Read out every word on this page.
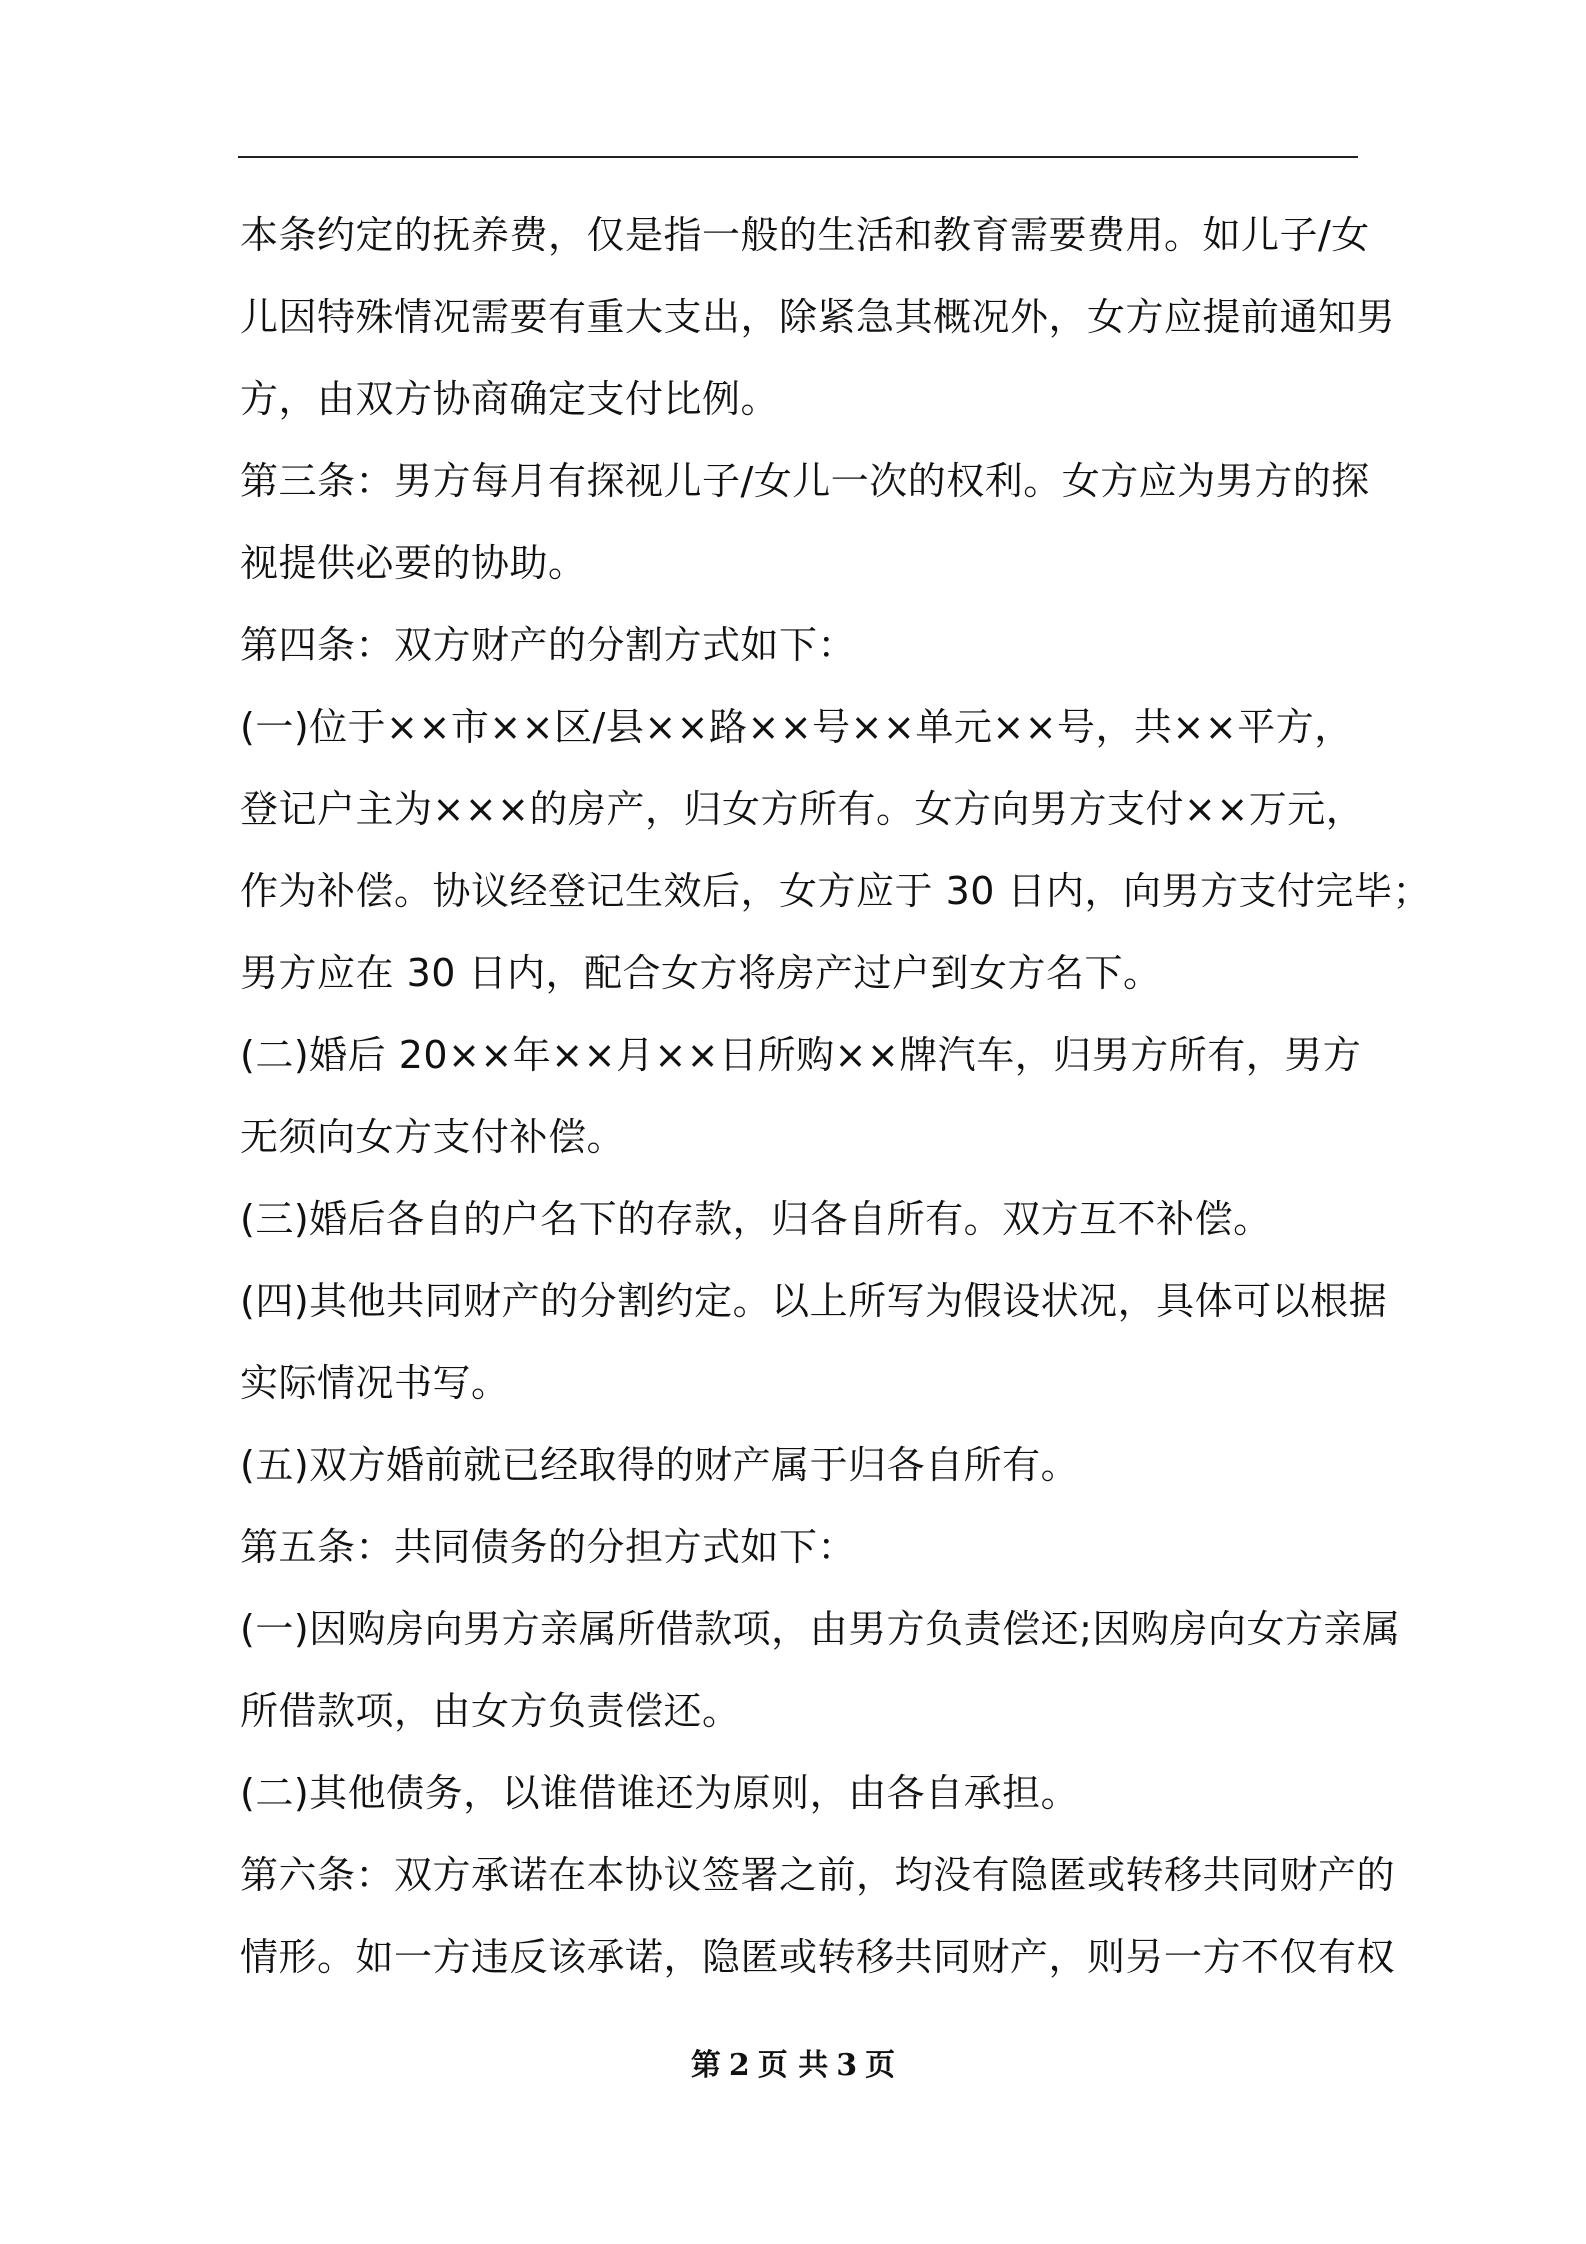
本条约定的抚养费，仅是指一般的生活和教育需要费用。如儿子/女
儿因特殊情况需要有重大支出，除紧急其概况外，女方应提前通知男
方，由双方协商确定支付比例。
第三条：男方每月有探视儿子/女儿一次的权利。女方应为男方的探
视提供必要的协助。
第四条：双方财产的分割方式如下：
(一)位于××市××区/县××路××号××单元××号，共××平方，
登记户主为×××的房产，归女方所有。女方向男方支付××万元，
作为补偿。协议经登记生效后，女方应于 30 日内，向男方支付完毕；
男方应在 30 日内，配合女方将房产过户到女方名下。
(二)婚后 20××年××月××日所购××牌汽车，归男方所有，男方
无须向女方支付补偿。
(三)婚后各自的户名下的存款，归各自所有。双方互不补偿。
(四)其他共同财产的分割约定。以上所写为假设状况，具体可以根据
实际情况书写。
(五)双方婚前就已经取得的财产属于归各自所有。
第五条：共同债务的分担方式如下：
(一)因购房向男方亲属所借款项，由男方负责偿还;因购房向女方亲属
所借款项，由女方负责偿还。
(二)其他债务，以谁借谁还为原则，由各自承担。
第六条：双方承诺在本协议签署之前，均没有隐匿或转移共同财产的
情形。如一方违反该承诺，隐匿或转移共同财产，则另一方不仅有权
第 2 页 共 3 页
